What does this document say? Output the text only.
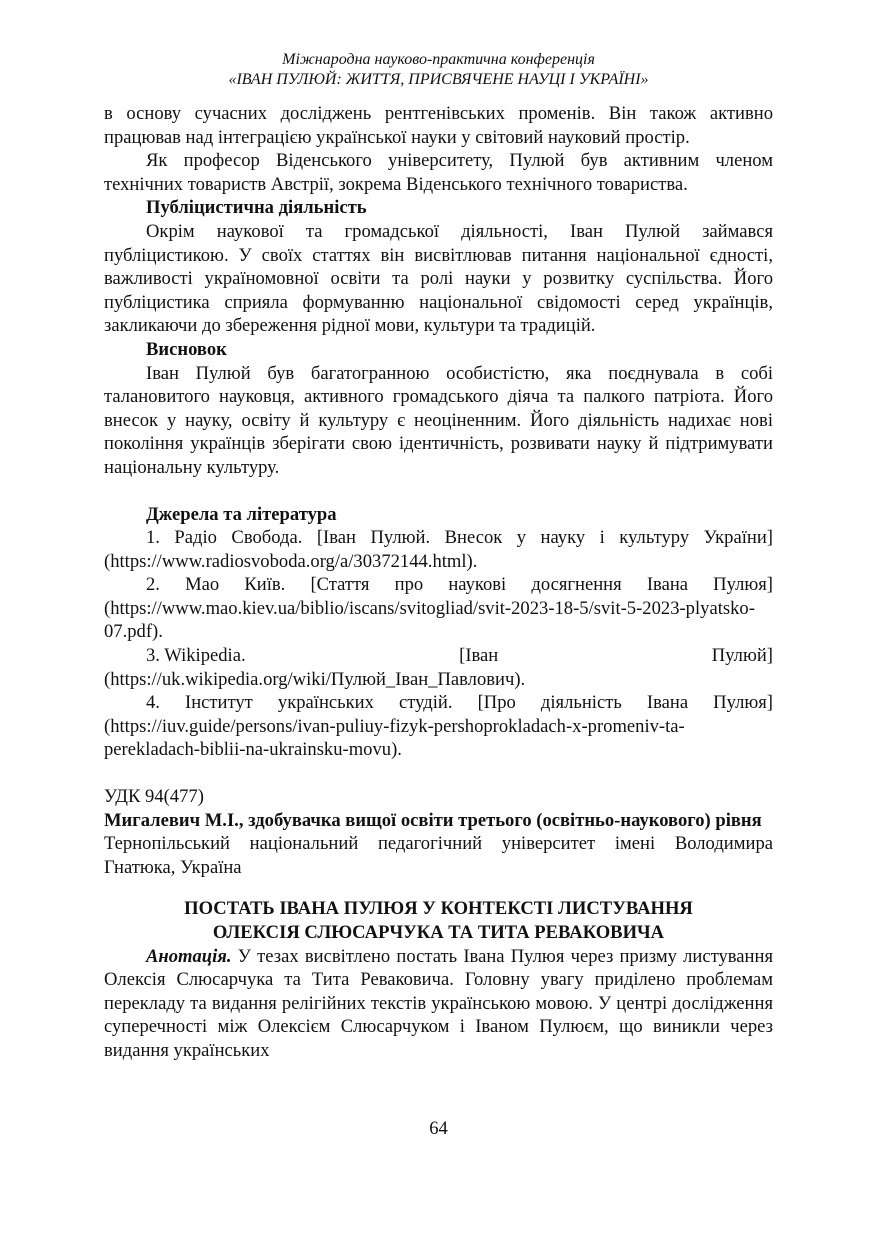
Міжнародна науково-практична конференція
«ІВАН ПУЛЮЙ: ЖИТТЯ, ПРИСВЯЧЕНЕ НАУЦІ І УКРАЇНІ»

в основу сучасних досліджень рентгенівських променів. Він також активно працював над інтеграцією української науки у світовий науковий простір.

Як професор Віденського університету, Пулюй був активним членом технічних товариств Австрії, зокрема Віденського технічного товариства.

Публіцистична діяльність

Окрім наукової та громадської діяльності, Іван Пулюй займався публіцистикою. У своїх статтях він висвітлював питання національної єдності, важливості україномовної освіти та ролі науки у розвитку суспільства. Його публіцистика сприяла формуванню національної свідомості серед українців, закликаючи до збереження рідної мови, культури та традицій.

Висновок

Іван Пулюй був багатогранною особистістю, яка поєднувала в собі талановитого науковця, активного громадського діяча та палкого патріота. Його внесок у науку, освіту й культуру є неоціненним. Його діяльність надихає нові покоління українців зберігати свою ідентичність, розвивати науку й підтримувати національну культуру.

Джерела та література

1. Радіо Свобода. [Іван Пулюй. Внесок у науку і культуру України] (https://www.radiosvoboda.org/a/30372144.html).

2. Мао Київ. [Стаття про наукові досягнення Івана Пулюя] (https://www.mao.kiev.ua/biblio/iscans/svitogliad/svit-2023-18-5/svit-5-2023-plyatsko-07.pdf).

3. Wikipedia.	[Іван	Пулюй]
(https://uk.wikipedia.org/wiki/Пулюй_Іван_Павлович).

4. Інститут українських студій. [Про діяльність Івана Пулюя] (https://iuv.guide/persons/ivan-puliuy-fizyk-pershoprokladach-x-promeniv-ta-perekladach-biblii-na-ukrainsku-movu).

УДК 94(477)

Мигалевич М.І., здобувачка вищої освіти третього (освітньо-наукового) рівня

Тернопільський національний педагогічний університет імені Володимира Гнатюка, Україна

ПОСТАТЬ ІВАНА ПУЛЮЯ У КОНТЕКСТІ ЛИСТУВАННЯ
ОЛЕКСІЯ СЛЮСАРЧУКА ТА ТИТА РЕВАКОВИЧА

Анотація. У тезах висвітлено постать Івана Пулюя через призму листування Олексія Слюсарчука та Тита Реваковича. Головну увагу приділено проблемам перекладу та видання релігійних текстів українською мовою. У центрі дослідження суперечності між Олексієм Слюсарчуком і Іваном Пулюєм, що виникли через видання українських

64
